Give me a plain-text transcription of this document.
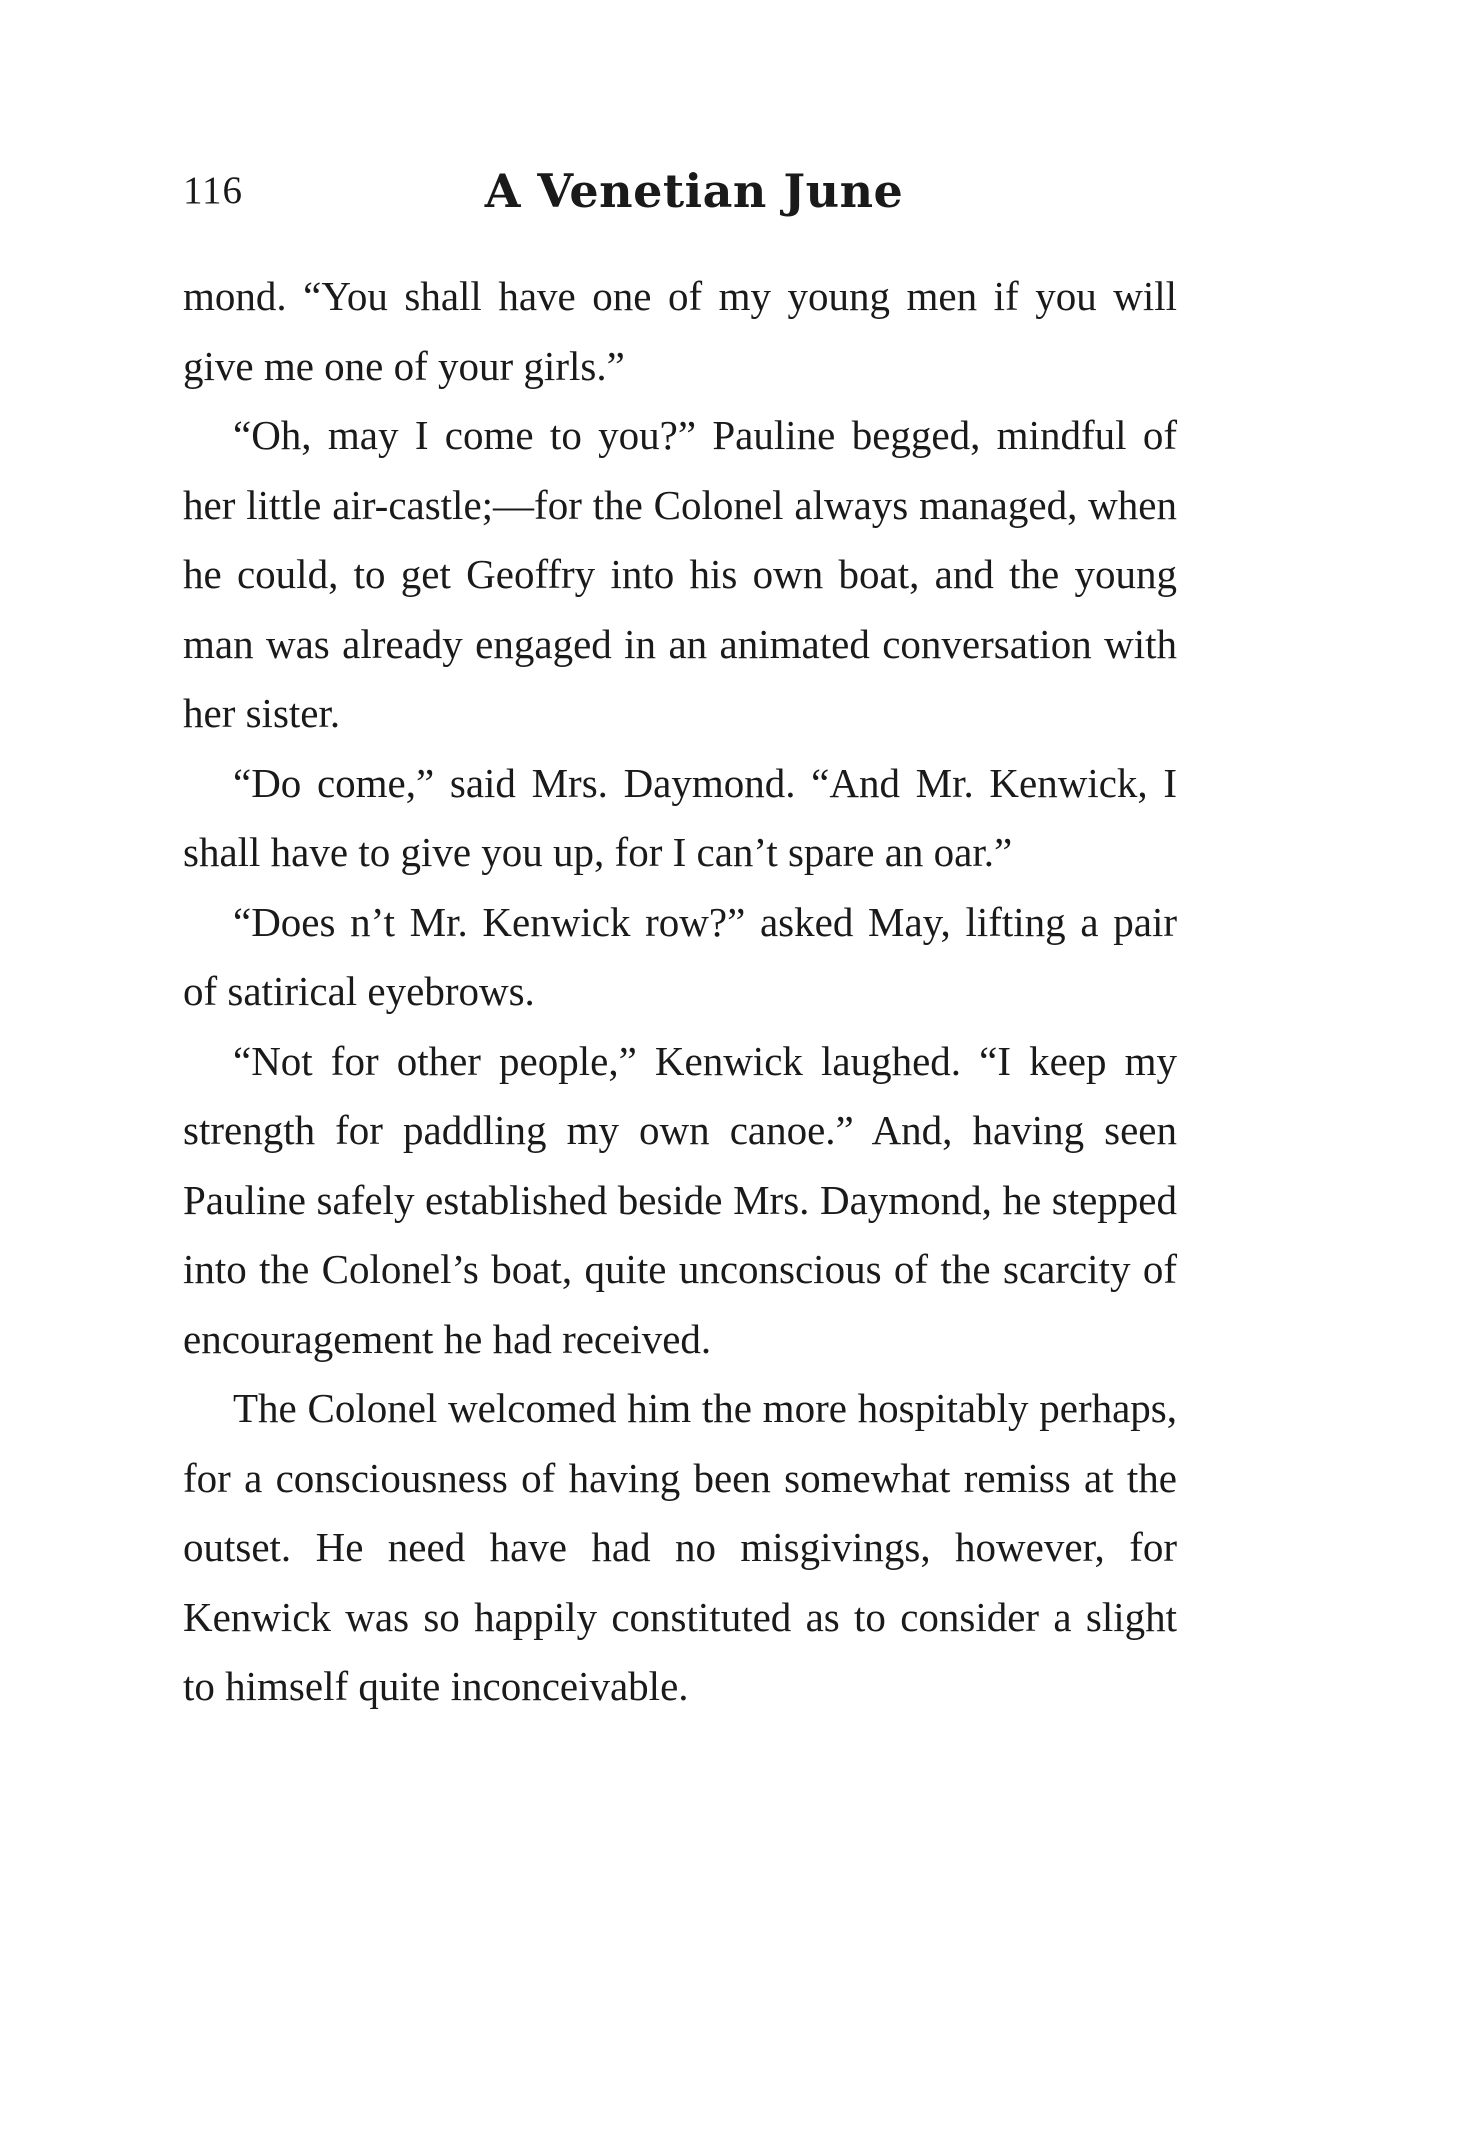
116	A Venetian June

mond. “You shall have one of my young men if you will give me one of your girls.”

“Oh, may I come to you?” Pauline begged, mindful of her little air-castle;—for the Colonel always managed, when he could, to get Geoffry into his own boat, and the young man was already engaged in an animated conversation with her sister.

“Do come,” said Mrs. Daymond. “And Mr. Kenwick, I shall have to give you up, for I can’t spare an oar.”

“Does n’t Mr. Kenwick row?” asked May, lifting a pair of satirical eyebrows.

“Not for other people,” Kenwick laughed. “I keep my strength for paddling my own canoe.” And, having seen Pauline safely established beside Mrs. Daymond, he stepped into the Colonel’s boat, quite unconscious of the scarcity of encouragement he had received.

The Colonel welcomed him the more hospitably perhaps, for a consciousness of having been somewhat remiss at the outset. He need have had no misgivings, however, for Kenwick was so happily constituted as to consider a slight to himself quite inconceivable.
